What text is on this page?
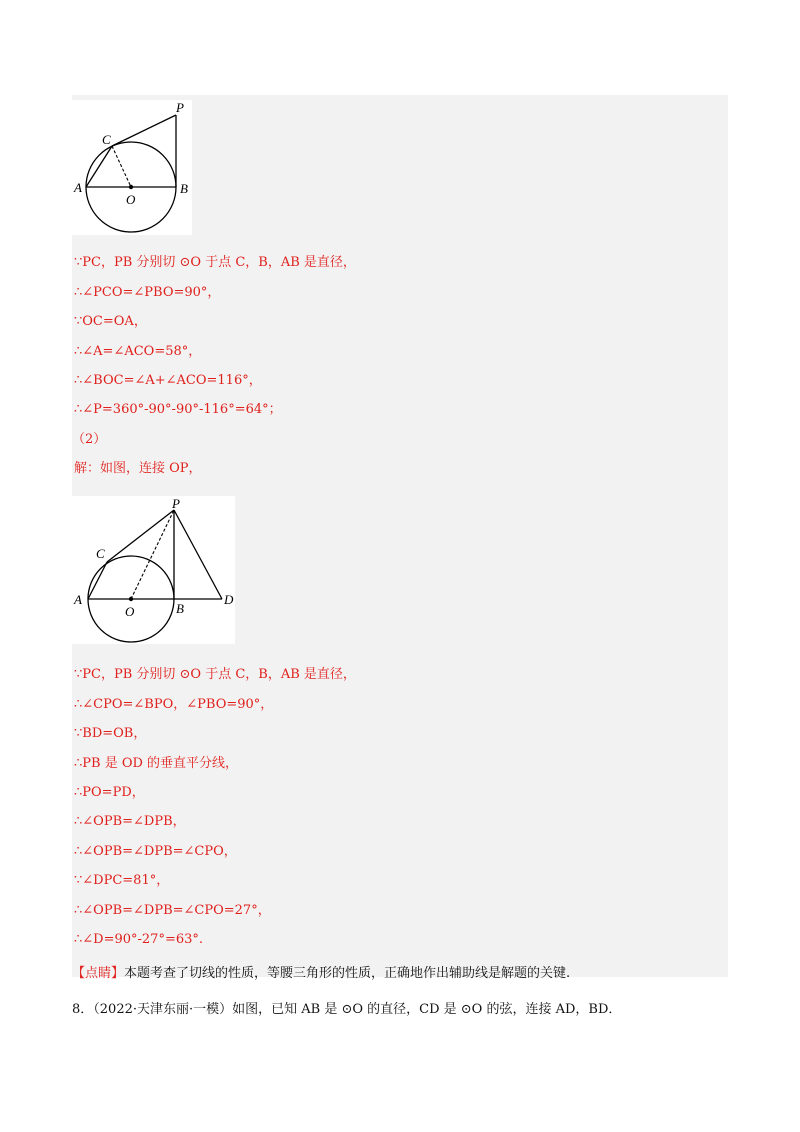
P
C
A
O
B
∵PC，PB 分别切 ⊙O 于点 C，B，AB 是直径，
∴∠PCO=∠PBO=90°，
∵OC=OA，
∴∠A=∠ACO=58°，
∴∠BOC=∠A+∠ACO=116°，
∴∠P=360°-90°-90°-116°=64°；
（2）
解：如图，连接 OP，
P
C
A
O	B
D
∵PC，PB 分别切 ⊙O 于点 C，B，AB 是直径，
∴∠CPO=∠BPO，∠PBO=90°，
∵BD=OB，
∴PB 是 OD 的垂直平分线，
∴PO=PD，
∴∠OPB=∠DPB，
∴∠OPB=∠DPB=∠CPO，
∵∠DPC=81°，
∴∠OPB=∠DPB=∠CPO=27°，
∴∠D=90°-27°=63°.
【点睛】本题考查了切线的性质，等腰三角形的性质，正确地作出辅助线是解题的关键.
8．（2022·天津东丽·一模）如图，已知 AB 是 ⊙O 的直径，CD 是 ⊙O 的弦，连接 AD，BD．
